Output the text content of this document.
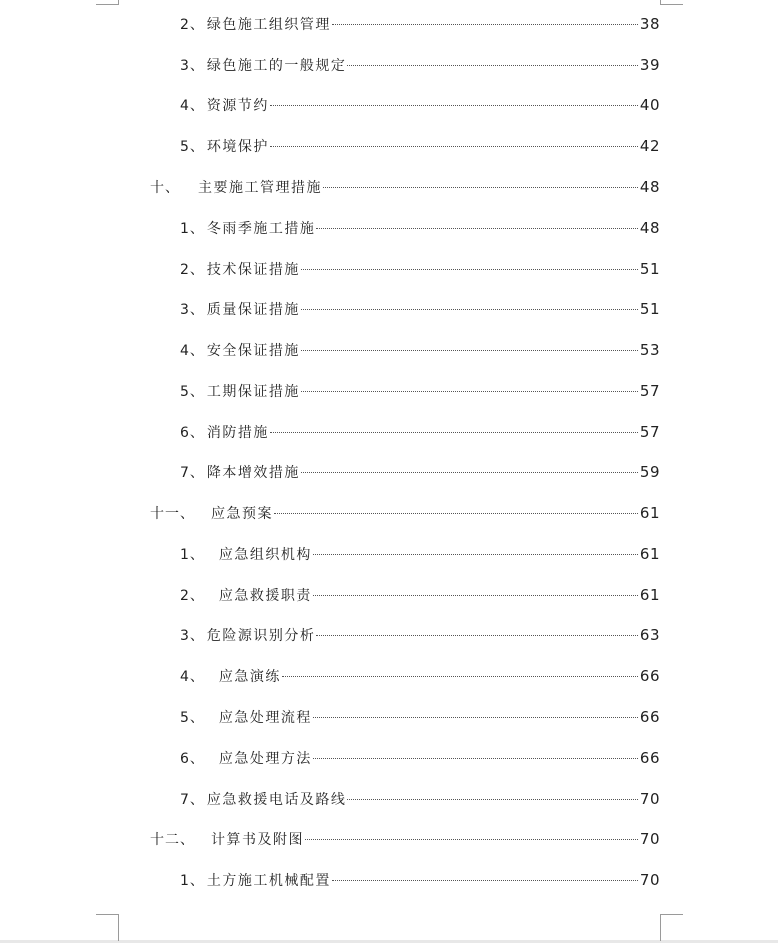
2、 绿色施工组织管理	38
3、 绿色施工的一般规定	39
4、 资源节约	40
5、 环境保护	42
十、 主要施工管理措施	48
1、 冬雨季施工措施	48
2、 技术保证措施	51
3、 质量保证措施	51
4、 安全保证措施	53
5、 工期保证措施	57
6、 消防措施	57
7、 降本增效措施	59
十一、 应急预案	61
1、 应急组织机构	61
2、 应急救援职责	61
3、 危险源识别分析	63
4、 应急演练	66
5、 应急处理流程	66
6、 应急处理方法	66
7、 应急救援电话及路线	70
十二、 计算书及附图	70
1、 土方施工机械配置	70
